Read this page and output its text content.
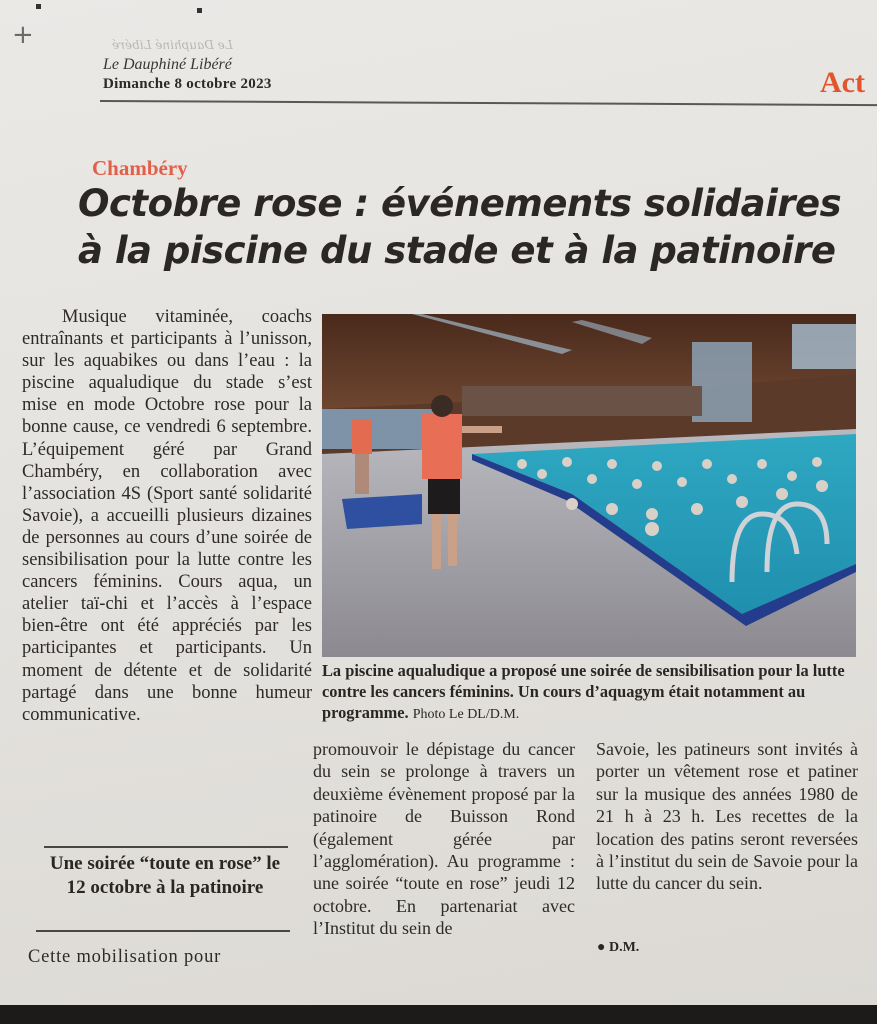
+	Le Dauphiné Libéré
Le Dauphiné Libéré
Dimanche 8 octobre 2023	Act
Chambéry
Octobre rose : événements solidaires
à la piscine du stade et à la patinoire
Musique vitaminée, coachs entraînants et participants à l’unisson, sur les aquabikes ou dans l’eau : la piscine aqualudique du stade s’est mise en mode Octobre rose pour la bonne cause, ce vendredi 6 septembre. L’équipement géré par Grand Chambéry, en collaboration avec l’association 4S (Sport santé solidarité Savoie), a accueilli plusieurs dizaines de personnes au cours d’une soirée de sensibilisation pour la lutte contre les cancers féminins. Cours aqua, un atelier taï-chi et l’accès à l’espace bien-être ont été appréciés par les participantes et participants. Un moment de détente et de solidarité partagé dans une bonne humeur communicative.
Une soirée “toute en rose” le 12 octobre à la patinoire
Cette mobilisation pour
La piscine aqualudique a proposé une soirée de sensibilisation pour la lutte contre les cancers féminins. Un cours d’aquagym était notamment au programme. Photo Le DL/D.M.
promouvoir le dépistage du cancer du sein se prolonge à travers un deuxième évènement proposé par la patinoire de Buisson Rond (également gérée par l’agglomération). Au programme : une soirée “toute en rose” jeudi 12 octobre. En partenariat avec l’Institut du sein de
Savoie, les patineurs sont invités à porter un vêtement rose et patiner sur la musique des années 1980 de 21 h à 23 h. Les recettes de la location des patins seront reversées à l’institut du sein de Savoie pour la lutte du cancer du sein.
● D.M.
